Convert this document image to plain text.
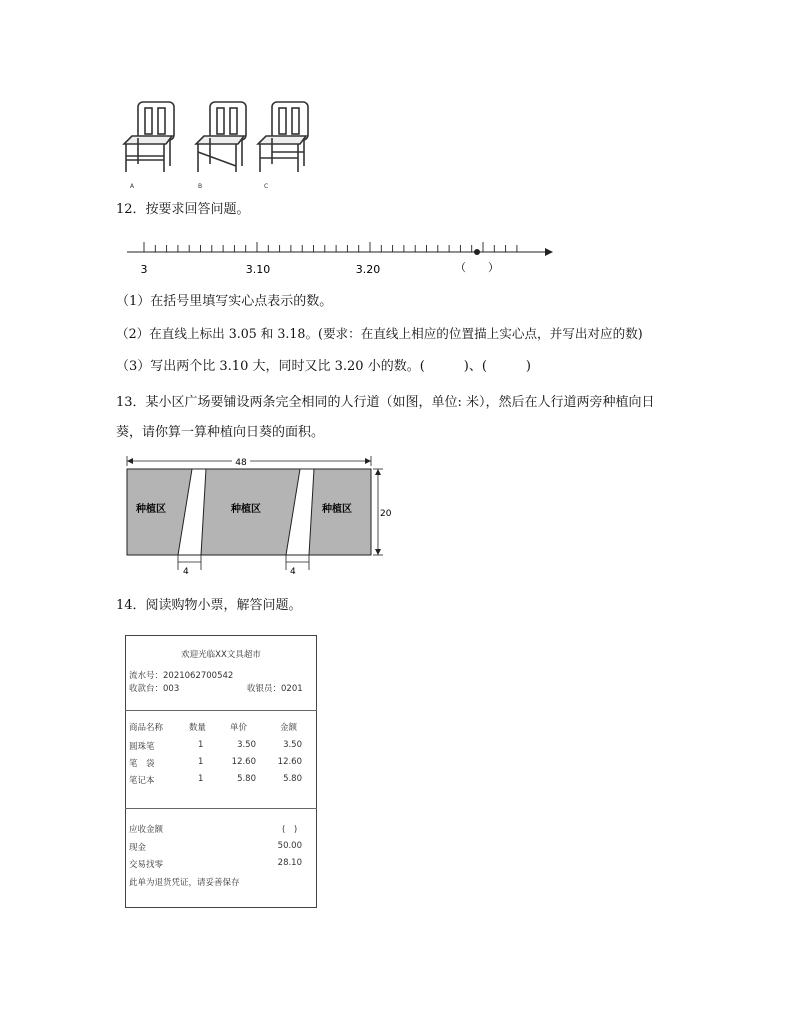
A	B	C
12．按要求回答问题。
3	3.10	3.20	（　　）
（1）在括号里填写实心点表示的数。
（2）在直线上标出 3.05 和 3.18。(要求：在直线上相应的位置描上实心点，并写出对应的数)
（3）写出两个比 3.10 大，同时又比 3.20 小的数。(　　　)、(　　　)
13．某小区广场要铺设两条完全相同的人行道（如图，单位: 米），然后在人行道两旁种植向日
葵，请你算一算种植向日葵的面积。
48
种植区	种植区	种植区	20
4	4
14．阅读购物小票，解答问题。
欢迎光临XX文具超市
流水号：2021062700542
收款台：003	收银员：0201
商品名称	数量	单价	金额
圆珠笔	1	3.50	3.50
笔　袋	1	12.60	12.60
笔记本	1	5.80	5.80
应收金额	(　)
现金	50.00
交易找零	28.10
此单为退货凭证，请妥善保存
